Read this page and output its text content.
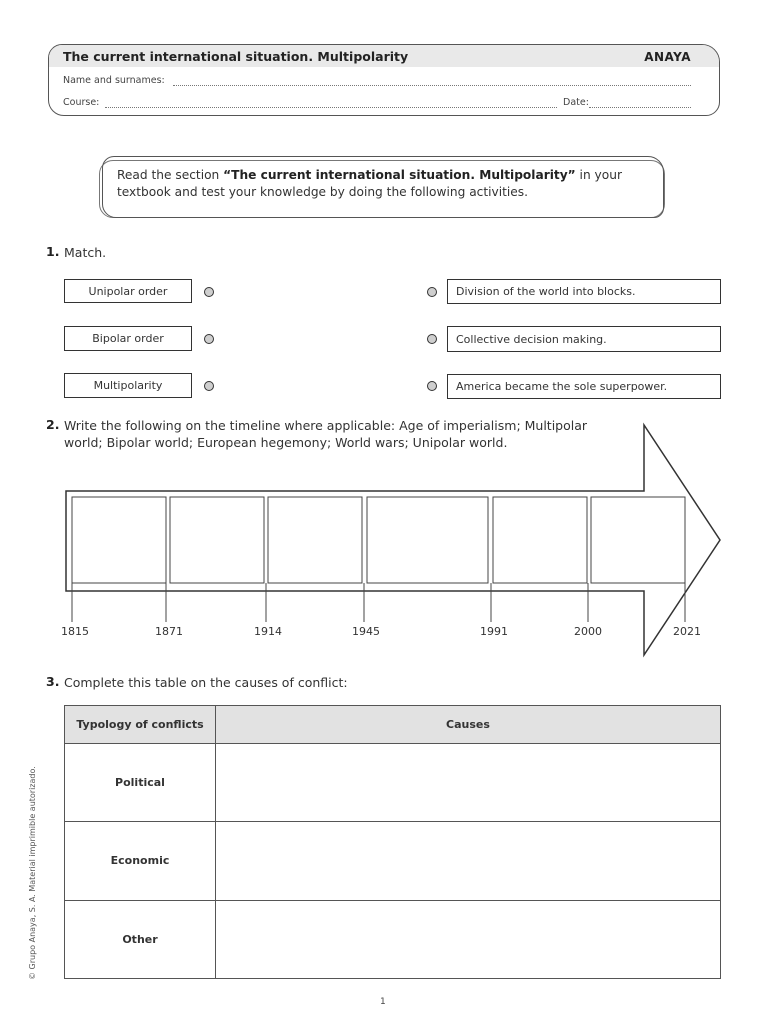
The current international situation. Multipolarity	ANAYA
Name and surnames:
Course:	Date:
Read the section “The current international situation. Multipolarity” in your textbook and test your knowledge by doing the following activities.
1. Match.
Unipolar order
Bipolar order
Multipolarity
Division of the world into blocks.
Collective decision making.
America became the sole superpower.
2. Write the following on the timeline where applicable: Age of imperialism; Multipolar
world; Bipolar world; European hegemony; World wars; Unipolar world.
1815	1871	1914	1945	1991	2000	2021
3. Complete this table on the causes of conflict:
Typology of conflicts	Causes
Political	
Economic	
Other	
© Grupo Anaya, S. A. Material imprimible autorizado.
1
